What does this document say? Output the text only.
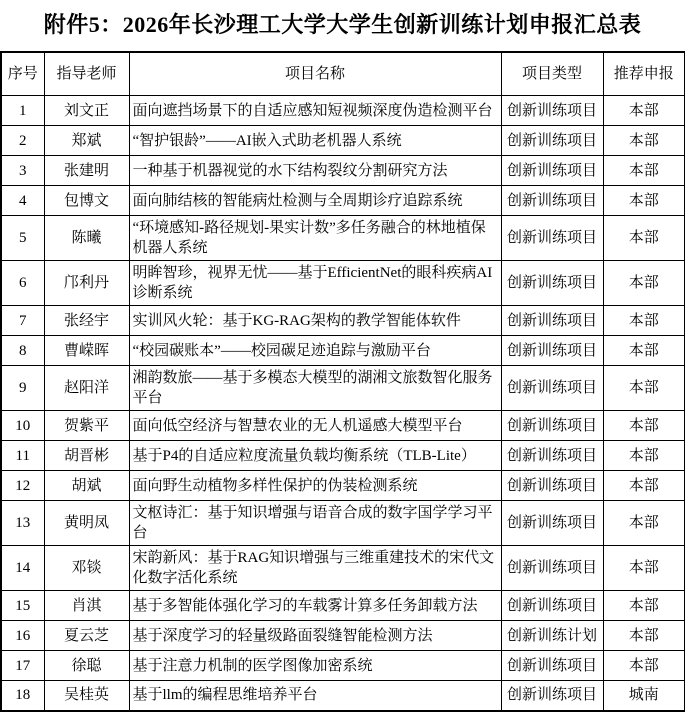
附件5：2026年长沙理工大学大学生创新训练计划申报汇总表
序号	指导老师	项目名称	项目类型	推荐申报
1	刘文正	面向遮挡场景下的自适应感知短视频深度伪造检测平台	创新训练项目	本部
2	郑斌	“智护银龄”——AI嵌入式助老机器人系统	创新训练项目	本部
3	张建明	一种基于机器视觉的水下结构裂纹分割研究方法	创新训练项目	本部
4	包博文	面向肺结核的智能病灶检测与全周期诊疗追踪系统	创新训练项目	本部
5	陈曦	“环境感知-路径规划-果实计数”多任务融合的林地植保机器人系统	创新训练项目	本部
6	邝利丹	明眸智珍，视界无忧——基于EfficientNet的眼科疾病AI诊断系统	创新训练项目	本部
7	张经宇	实训风火轮：基于KG-RAG架构的教学智能体软件	创新训练项目	本部
8	曹嵘晖	“校园碳账本”——校园碳足迹追踪与激励平台	创新训练项目	本部
9	赵阳洋	湘韵数旅——基于多模态大模型的湖湘文旅数智化服务平台	创新训练项目	本部
10	贺紫平	面向低空经济与智慧农业的无人机遥感大模型平台	创新训练项目	本部
11	胡晋彬	基于P4的自适应粒度流量负载均衡系统（TLB-Lite）	创新训练项目	本部
12	胡斌	面向野生动植物多样性保护的伪装检测系统	创新训练项目	本部
13	黄明凤	文枢诗汇：基于知识增强与语音合成的数字国学学习平台	创新训练项目	本部
14	邓锬	宋韵新风：基于RAG知识增强与三维重建技术的宋代文化数字活化系统	创新训练项目	本部
15	肖淇	基于多智能体强化学习的车载雾计算多任务卸载方法	创新训练项目	本部
16	夏云芝	基于深度学习的轻量级路面裂缝智能检测方法	创新训练计划	本部
17	徐聪	基于注意力机制的医学图像加密系统	创新训练项目	本部
18	吴桂英	基于llm的编程思维培养平台	创新训练项目	城南
